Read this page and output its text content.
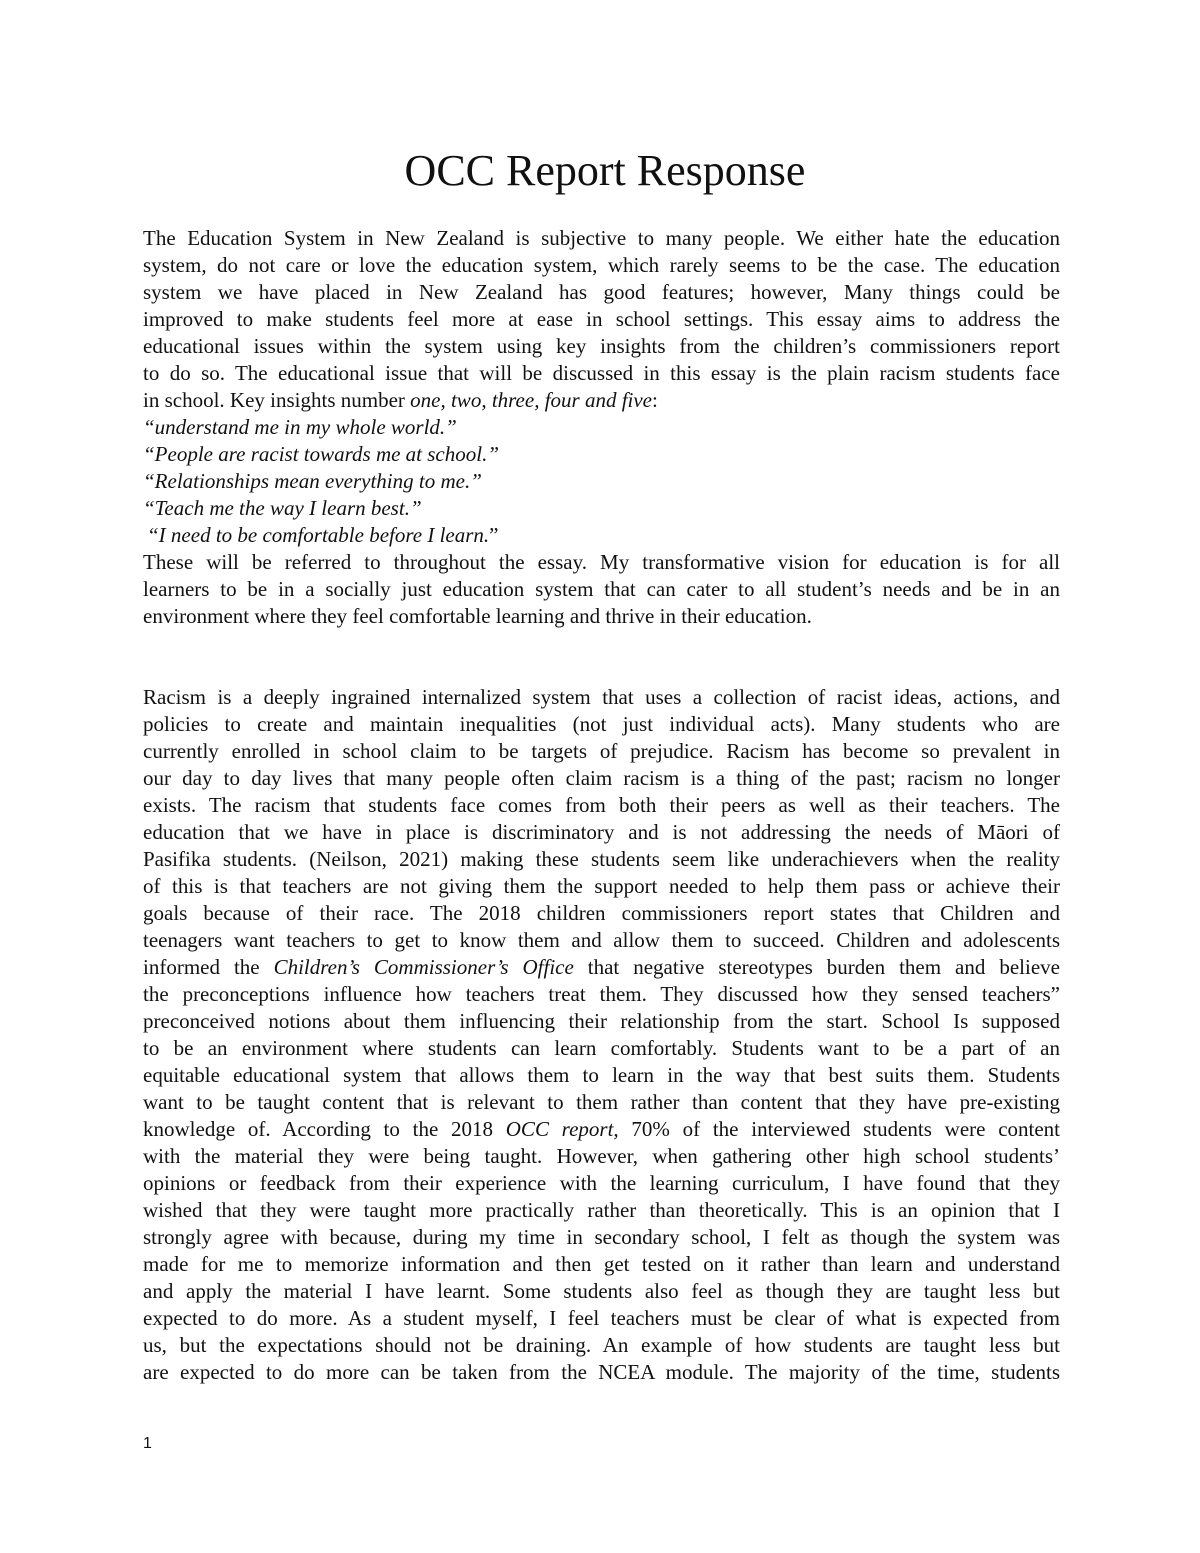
OCC Report Response
The Education System in New Zealand is subjective to many people. We either hate the education
system, do not care or love the education system, which rarely seems to be the case. The education
system we have placed in New Zealand has good features; however, Many things could be
improved to make students feel more at ease in school settings. This essay aims to address the
educational issues within the system using key insights from the children’s commissioners report
to do so. The educational issue that will be discussed in this essay is the plain racism students face
in school. Key insights number one, two, three, four and five:
“understand me in my whole world.”
“People are racist towards me at school.”
“Relationships mean everything to me.”
“Teach me the way I learn best.”
“I need to be comfortable before I learn.”
These will be referred to throughout the essay. My transformative vision for education is for all
learners to be in a socially just education system that can cater to all student’s needs and be in an
environment where they feel comfortable learning and thrive in their education.
Racism is a deeply ingrained internalized system that uses a collection of racist ideas, actions, and
policies to create and maintain inequalities (not just individual acts). Many students who are
currently enrolled in school claim to be targets of prejudice. Racism has become so prevalent in
our day to day lives that many people often claim racism is a thing of the past; racism no longer
exists. The racism that students face comes from both their peers as well as their teachers. The
education that we have in place is discriminatory and is not addressing the needs of Māori of
Pasifika students. (Neilson, 2021) making these students seem like underachievers when the reality
of this is that teachers are not giving them the support needed to help them pass or achieve their
goals because of their race. The 2018 children commissioners report states that Children and
teenagers want teachers to get to know them and allow them to succeed. Children and adolescents
informed the Children’s Commissioner’s Office that negative stereotypes burden them and believe
the preconceptions influence how teachers treat them. They discussed how they sensed teachers”
preconceived notions about them influencing their relationship from the start. School Is supposed
to be an environment where students can learn comfortably. Students want to be a part of an
equitable educational system that allows them to learn in the way that best suits them. Students
want to be taught content that is relevant to them rather than content that they have pre-existing
knowledge of. According to the 2018 OCC report, 70% of the interviewed students were content
with the material they were being taught. However, when gathering other high school students’
opinions or feedback from their experience with the learning curriculum, I have found that they
wished that they were taught more practically rather than theoretically. This is an opinion that I
strongly agree with because, during my time in secondary school, I felt as though the system was
made for me to memorize information and then get tested on it rather than learn and understand
and apply the material I have learnt. Some students also feel as though they are taught less but
expected to do more. As a student myself, I feel teachers must be clear of what is expected from
us, but the expectations should not be draining. An example of how students are taught less but
are expected to do more can be taken from the NCEA module. The majority of the time, students
1
